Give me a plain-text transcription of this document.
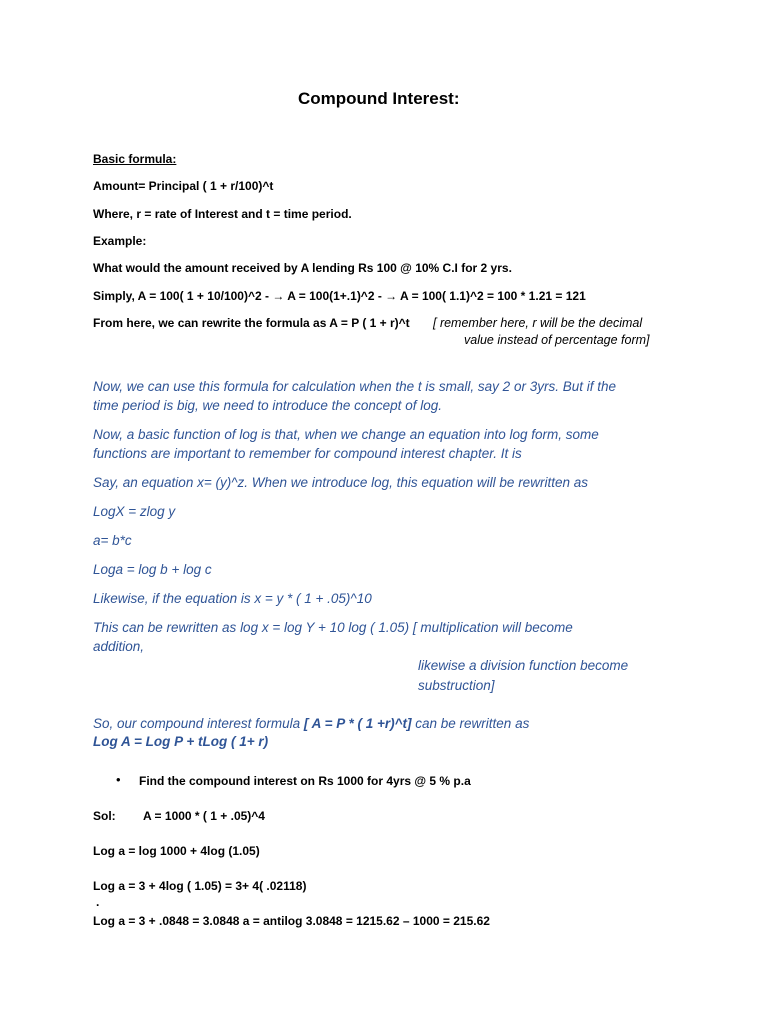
Compound Interest:
Basic formula:
Amount= Principal ( 1 + r/100)^t
Where, r = rate of Interest and t = time period.
Example:
What would the amount received by A lending Rs 100 @ 10% C.I for 2 yrs.
Simply, A = 100( 1 + 10/100)^2 - → A = 100(1+.1)^2 - → A = 100( 1.1)^2 = 100 * 1.21 = 121
From here, we can rewrite the formula as A = P ( 1 + r)^t [ remember here, r will be the decimal
value instead of percentage form]
Now, we can use this formula for calculation when the t is small, say 2 or 3yrs. But if the
time period is big, we need to introduce the concept of log.
Now, a basic function of log is that, when we change an equation into log form, some
functions are important to remember for compound interest chapter. It is
Say, an equation x= (y)^z. When we introduce log, this equation will be rewritten as
LogX = zlog y
a= b*c
Loga = log b + log c
Likewise, if the equation is x = y * ( 1 + .05)^10
This can be rewritten as log x = log Y + 10 log ( 1.05) [ multiplication will become
addition,
likewise a division function become
substruction]
So, our compound interest formula [ A = P * ( 1 +r)^t] can be rewritten as
Log A = Log P + tLog ( 1+ r)
• Find the compound interest on Rs 1000 for 4yrs @ 5 % p.a
Sol: A = 1000 * ( 1 + .05)^4
Log a = log 1000 + 4log (1.05)
Log a = 3 + 4log ( 1.05) = 3+ 4( .02118)
.
Log a = 3 + .0848 = 3.0848 a = antilog 3.0848 = 1215.62 – 1000 = 215.62
